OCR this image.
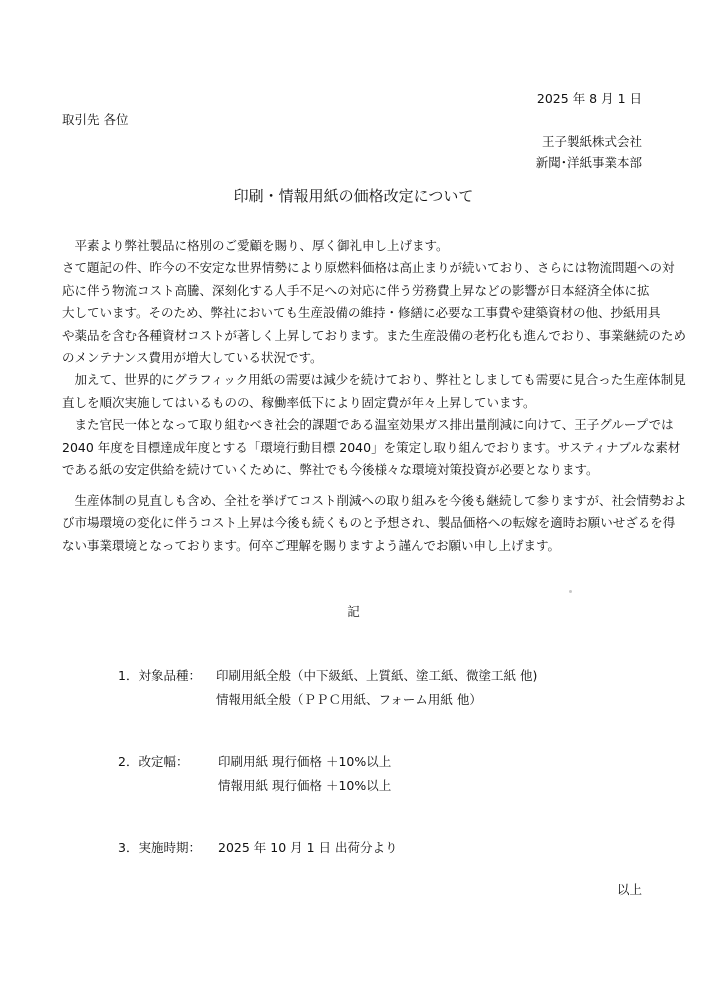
2025 年 8 月 1 日
取引先 各位
王子製紙株式会社
新聞･洋紙事業本部
印刷・情報用紙の価格改定について
　平素より弊社製品に格別のご愛顧を賜り、厚く御礼申し上げます。
さて題記の件、昨今の不安定な世界情勢により原燃料価格は高止まりが続いており、さらには物流問題への対
応に伴う物流コスト高騰、深刻化する人手不足への対応に伴う労務費上昇などの影響が日本経済全体に拡
大しています。そのため、弊社においても生産設備の維持・修繕に必要な工事費や建築資材の他、抄紙用具
や薬品を含む各種資材コストが著しく上昇しております。また生産設備の老朽化も進んでおり、事業継続のため
のメンテナンス費用が増大している状況です。
　加えて、世界的にグラフィック用紙の需要は減少を続けており、弊社としましても需要に見合った生産体制見
直しを順次実施してはいるものの、稼働率低下により固定費が年々上昇しています。
　また官民一体となって取り組むべき社会的課題である温室効果ガス排出量削減に向けて、王子グループでは
2040 年度を目標達成年度とする「環境行動目標 2040」を策定し取り組んでおります。サスティナブルな素材
である紙の安定供給を続けていくために、弊社でも今後様々な環境対策投資が必要となります。
　生産体制の見直しも含め、全社を挙げてコスト削減への取り組みを今後も継続して参りますが、社会情勢およ
び市場環境の変化に伴うコスト上昇は今後も続くものと予想され、製品価格への転嫁を適時お願いせざるを得
ない事業環境となっております。何卒ご理解を賜りますよう謹んでお願い申し上げます。
記
1．対象品種： 印刷用紙全般（中下級紙、上質紙、塗工紙、微塗工紙 他)
情報用紙全般（ＰＰＣ用紙、フォーム用紙 他）
2．改定幅： 印刷用紙 現行価格 ＋10%以上
情報用紙 現行価格 ＋10%以上
3．実施時期： 2025 年 10 月 1 日 出荷分より
以上
